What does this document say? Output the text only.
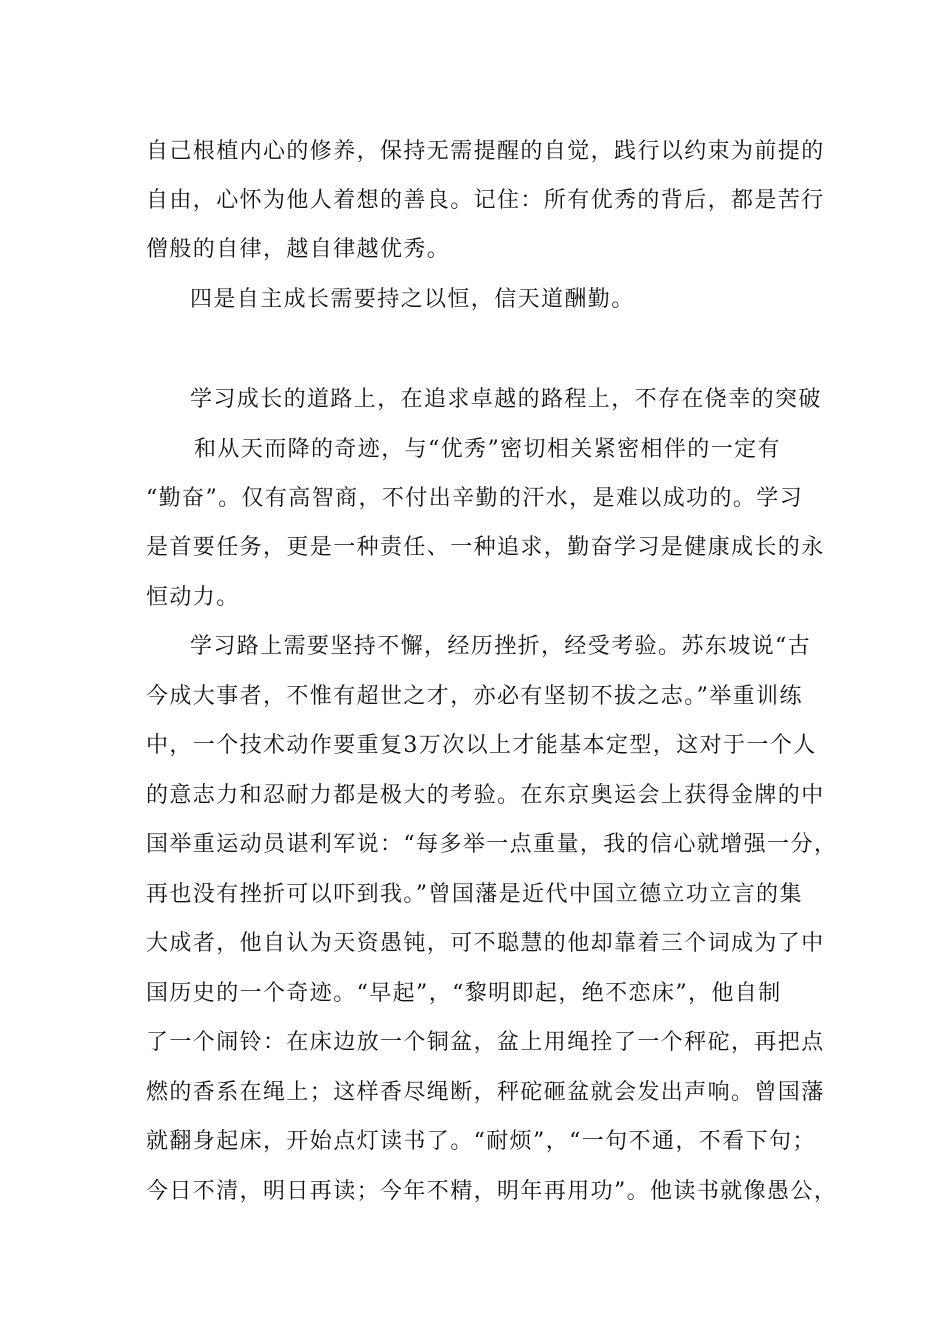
自己根植内心的修养，保持无需提醒的自觉，践行以约束为前提的
自由，心怀为他人着想的善良。记住：所有优秀的背后，都是苦行
僧般的自律，越自律越优秀。
四是自主成长需要持之以恒，信天道酬勤。
学习成长的道路上，在追求卓越的路程上，不存在侥幸的突破
和从天而降的奇迹，与“优秀”密切相关紧密相伴的一定有
“勤奋”。仅有高智商，不付出辛勤的汗水，是难以成功的。学习
是首要任务，更是一种责任、一种追求，勤奋学习是健康成长的永
恒动力。
学习路上需要坚持不懈，经历挫折，经受考验。苏东坡说“古
今成大事者，不惟有超世之才，亦必有坚韧不拔之志。”举重训练
中，一个技术动作要重复3万次以上才能基本定型，这对于一个人
的意志力和忍耐力都是极大的考验。在东京奥运会上获得金牌的中
国举重运动员谌利军说：“每多举一点重量，我的信心就增强一分，
再也没有挫折可以吓到我。”曾国藩是近代中国立德立功立言的集
大成者，他自认为天资愚钝，可不聪慧的他却靠着三个词成为了中
国历史的一个奇迹。“早起”，“黎明即起，绝不恋床”，他自制
了一个闹铃：在床边放一个铜盆，盆上用绳拴了一个秤砣，再把点
燃的香系在绳上；这样香尽绳断，秤砣砸盆就会发出声响。曾国藩
就翻身起床，开始点灯读书了。“耐烦”，“一句不通，不看下句；
今日不清，明日再读；今年不精，明年再用功”。他读书就像愚公，
